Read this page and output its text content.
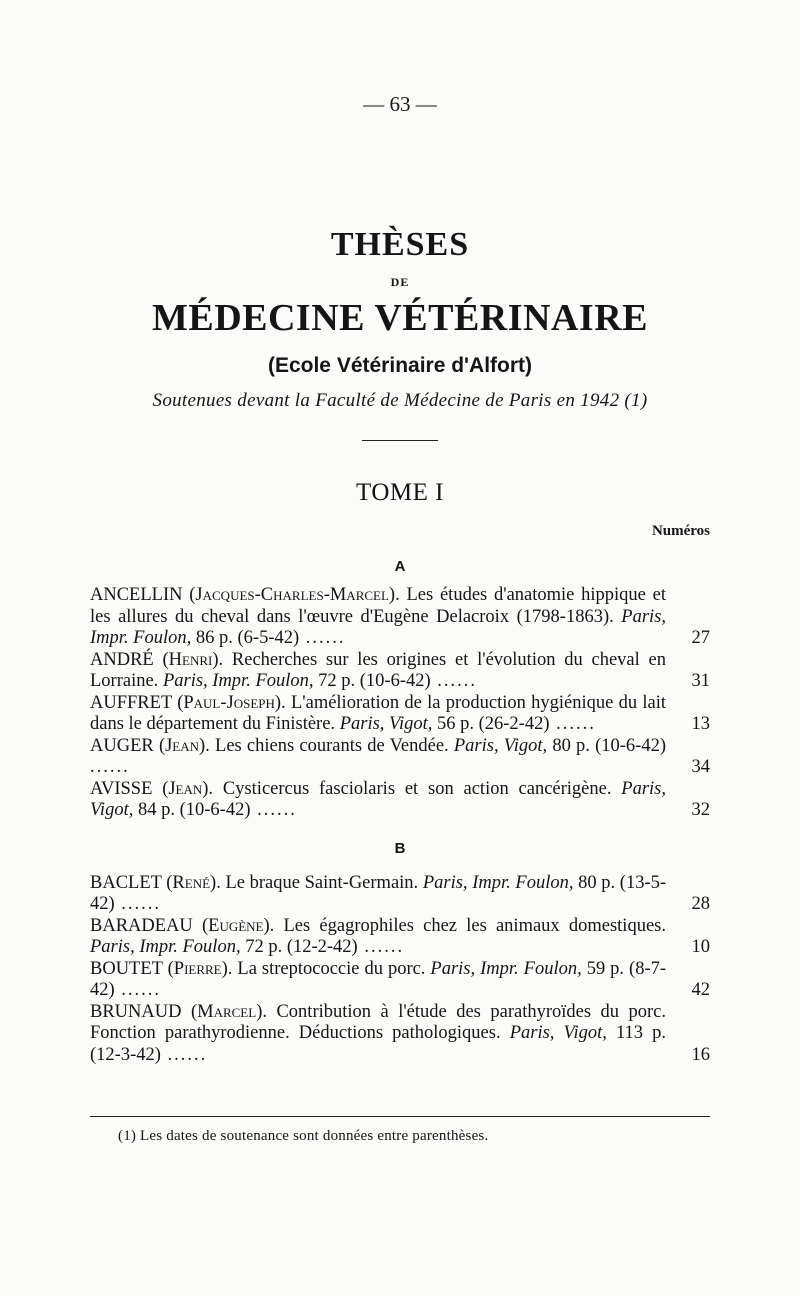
— 63 —
THÈSES
DE
MÉDECINE VÉTÉRINAIRE
(Ecole Vétérinaire d'Alfort)
Soutenues devant la Faculté de Médecine de Paris en 1942 (1)
TOME I
Numéros
A
ANCELLIN (Jacques-Charles-Marcel). Les études d'anatomie hippique et les allures du cheval dans l'œuvre d'Eugène Delacroix (1798-1863). Paris, Impr. Foulon, 86 p. (6-5-42) ......	27
ANDRÉ (Henri). Recherches sur les origines et l'évolution du cheval en Lorraine. Paris, Impr. Foulon, 72 p. (10-6-42) ......	31
AUFFRET (Paul-Joseph). L'amélioration de la production hygiénique du lait dans le département du Finistère. Paris, Vigot, 56 p. (26-2-42) ......	13
AUGER (Jean). Les chiens courants de Vendée. Paris, Vigot, 80 p. (10-6-42) ......	34
AVISSE (Jean). Cysticercus fasciolaris et son action cancérigène. Paris, Vigot, 84 p. (10-6-42) ......	32
B
BACLET (René). Le braque Saint-Germain. Paris, Impr. Foulon, 80 p. (13-5-42) ......	28
BARADEAU (Eugène). Les égagrophiles chez les animaux domestiques. Paris, Impr. Foulon, 72 p. (12-2-42) ......	10
BOUTET (Pierre). La streptococcie du porc. Paris, Impr. Foulon, 59 p. (8-7-42) ......	42
BRUNAUD (Marcel). Contribution à l'étude des parathyroïdes du porc. Fonction parathyrodienne. Déductions pathologiques. Paris, Vigot, 113 p. (12-3-42) ......	16
(1) Les dates de soutenance sont données entre parenthèses.
